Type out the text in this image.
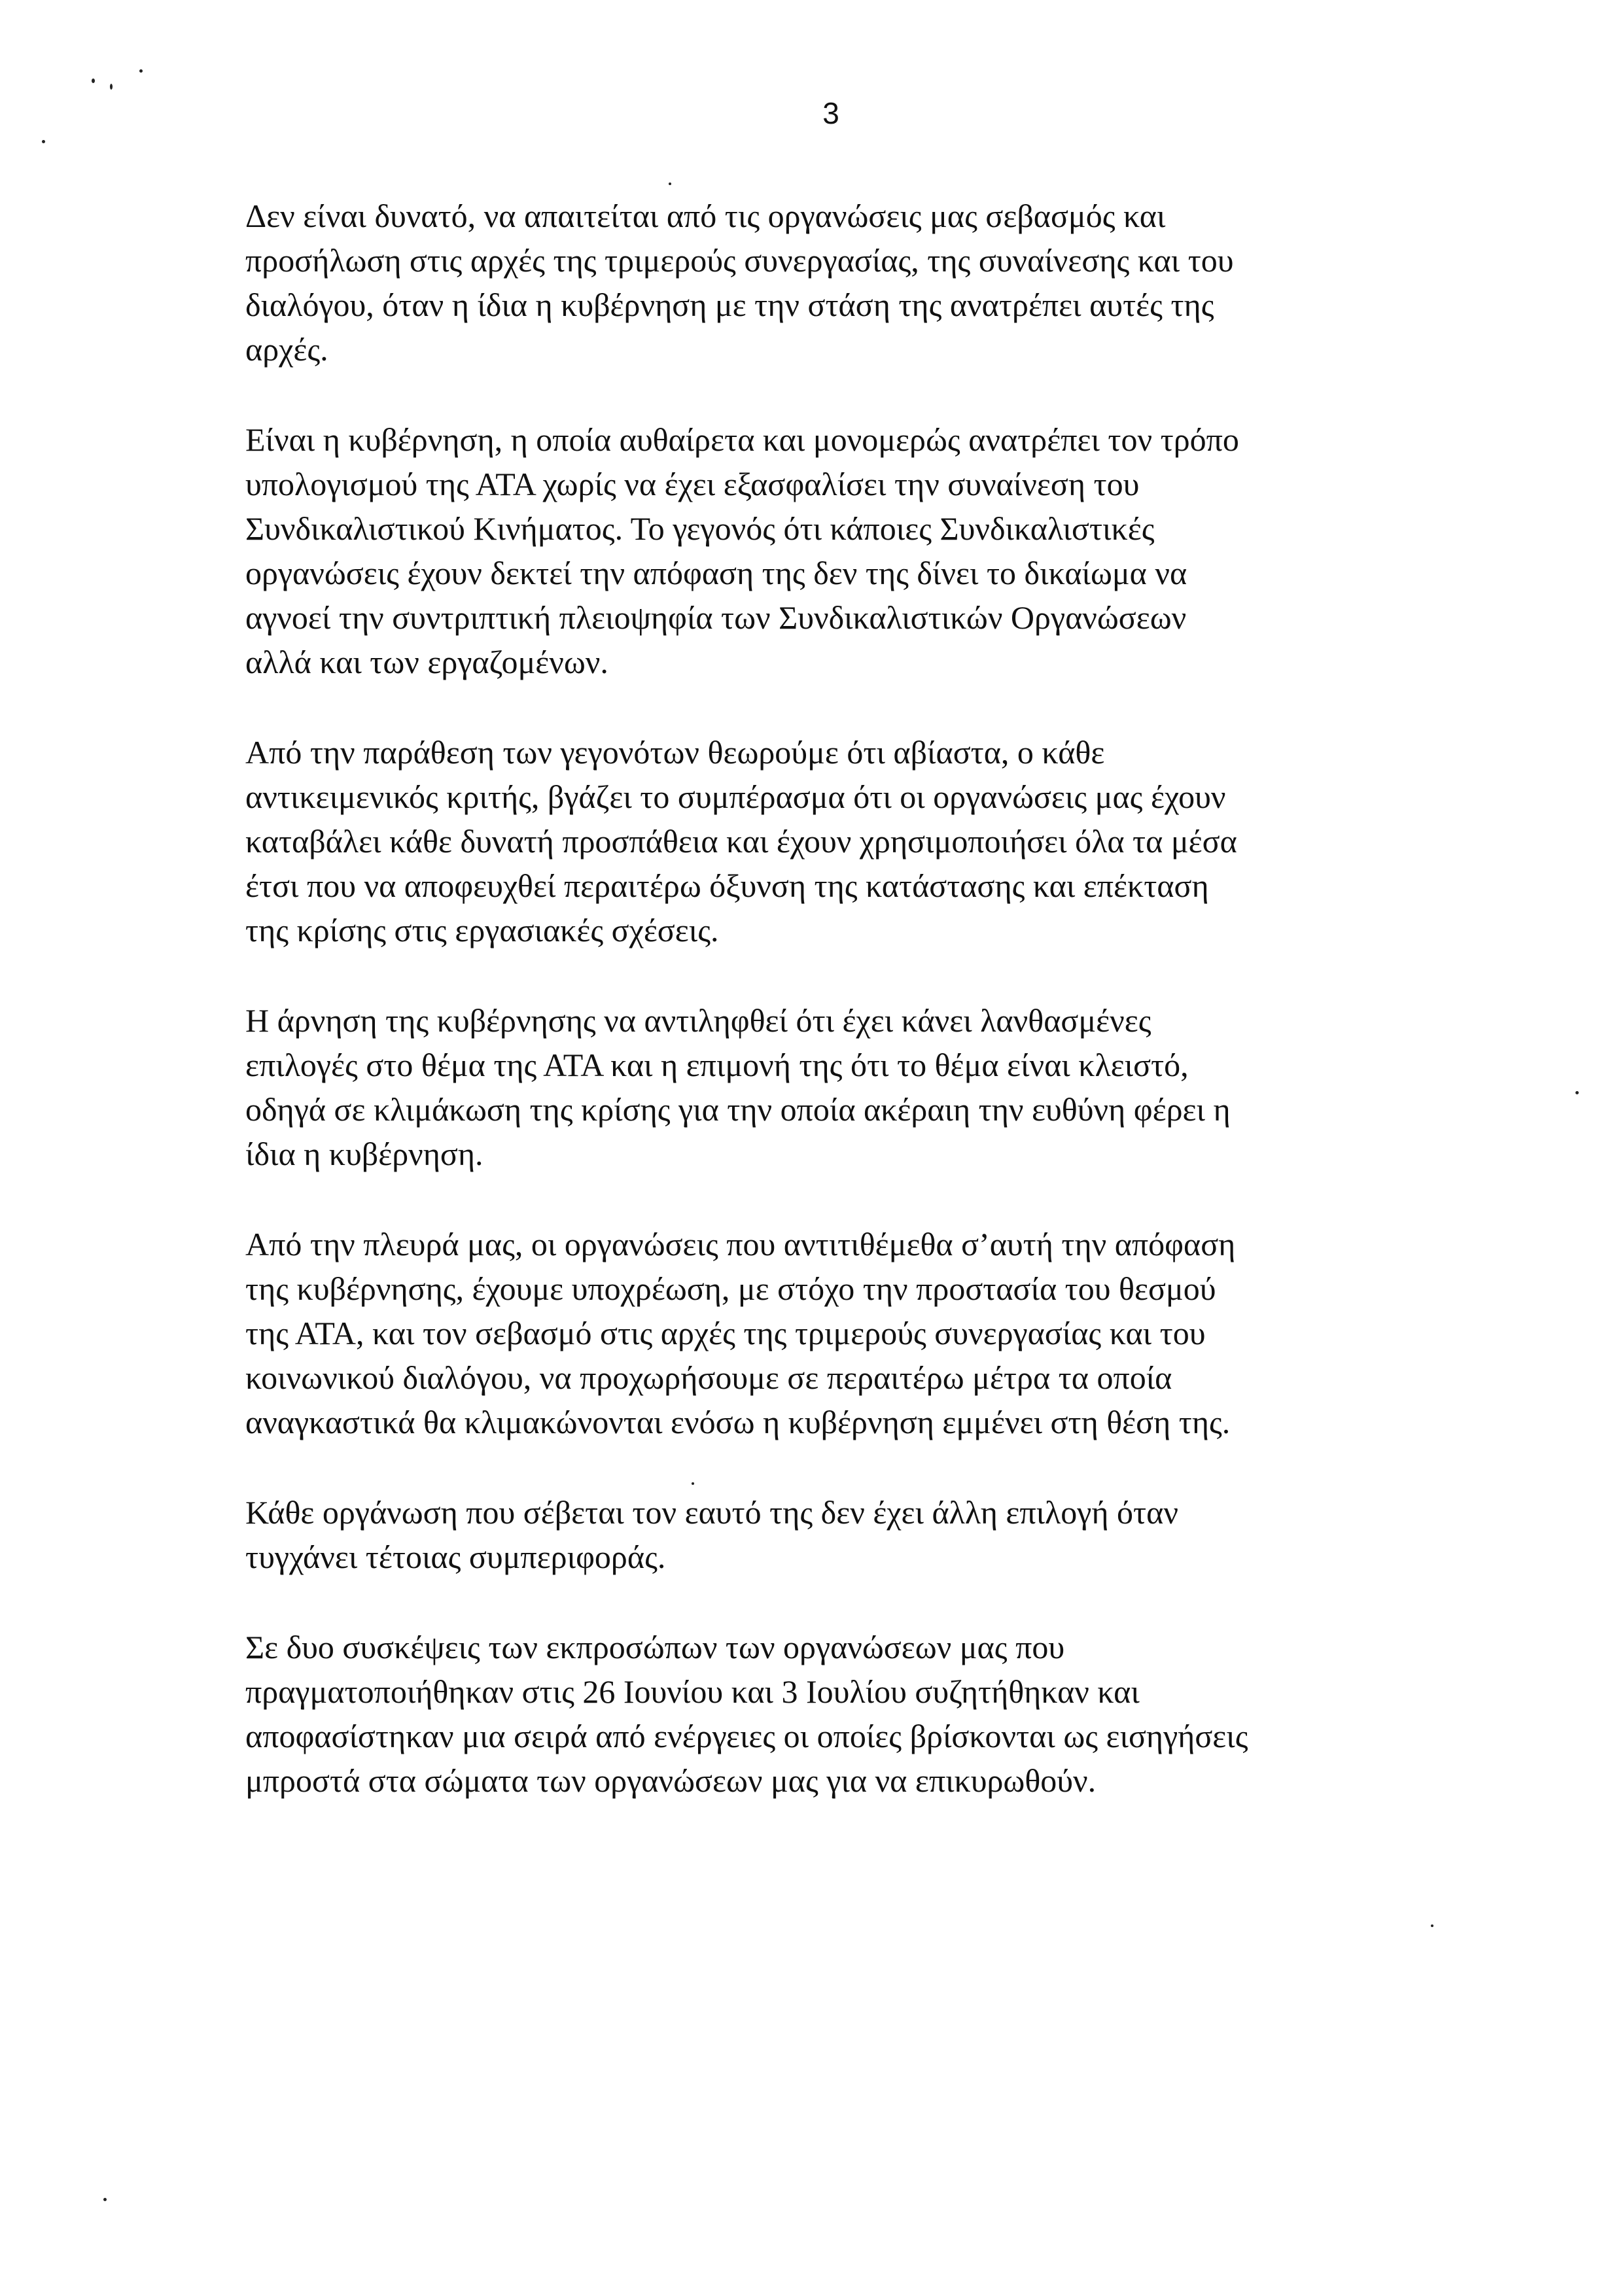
3

Δεν είναι δυνατό, να απαιτείται από τις οργανώσεις μας σεβασμός και
προσήλωση στις αρχές της τριμερούς συνεργασίας, της συναίνεσης και του
διαλόγου, όταν η ίδια η κυβέρνηση με την στάση της ανατρέπει αυτές της
αρχές.

Είναι η κυβέρνηση, η οποία αυθαίρετα και μονομερώς ανατρέπει τον τρόπο
υπολογισμού της ΑΤΑ χωρίς να έχει εξασφαλίσει την συναίνεση του
Συνδικαλιστικού Κινήματος. Το γεγονός ότι κάποιες Συνδικαλιστικές
οργανώσεις έχουν δεκτεί την απόφαση της δεν της δίνει το δικαίωμα να
αγνοεί την συντριπτική πλειοψηφία των Συνδικαλιστικών Οργανώσεων
αλλά και των εργαζομένων.

Από την παράθεση των γεγονότων θεωρούμε ότι αβίαστα, ο κάθε
αντικειμενικός κριτής, βγάζει το συμπέρασμα ότι οι οργανώσεις μας έχουν
καταβάλει κάθε δυνατή προσπάθεια και έχουν χρησιμοποιήσει όλα τα μέσα
έτσι που να αποφευχθεί περαιτέρω όξυνση της κατάστασης και επέκταση
της κρίσης στις εργασιακές σχέσεις.

Η άρνηση της κυβέρνησης να αντιληφθεί ότι έχει κάνει λανθασμένες
επιλογές στο θέμα της ΑΤΑ και η επιμονή της ότι το θέμα είναι κλειστό,
οδηγά σε κλιμάκωση της κρίσης για την οποία ακέραιη την ευθύνη φέρει η
ίδια η κυβέρνηση.

Από την πλευρά μας, οι οργανώσεις που αντιτιθέμεθα σ’αυτή την απόφαση
της κυβέρνησης, έχουμε υποχρέωση, με στόχο την προστασία του θεσμού
της ΑΤΑ, και τον σεβασμό στις αρχές της τριμερούς συνεργασίας και του
κοινωνικού διαλόγου, να προχωρήσουμε σε περαιτέρω μέτρα τα οποία
αναγκαστικά θα κλιμακώνονται ενόσω η κυβέρνηση εμμένει στη θέση της.

Κάθε οργάνωση που σέβεται τον εαυτό της δεν έχει άλλη επιλογή όταν
τυγχάνει τέτοιας συμπεριφοράς.

Σε δυο συσκέψεις των εκπροσώπων των οργανώσεων μας που
πραγματοποιήθηκαν στις 26 Ιουνίου και 3 Ιουλίου συζητήθηκαν και
αποφασίστηκαν μια σειρά από ενέργειες οι οποίες βρίσκονται ως εισηγήσεις
μπροστά στα σώματα των οργανώσεων μας για να επικυρωθούν.
